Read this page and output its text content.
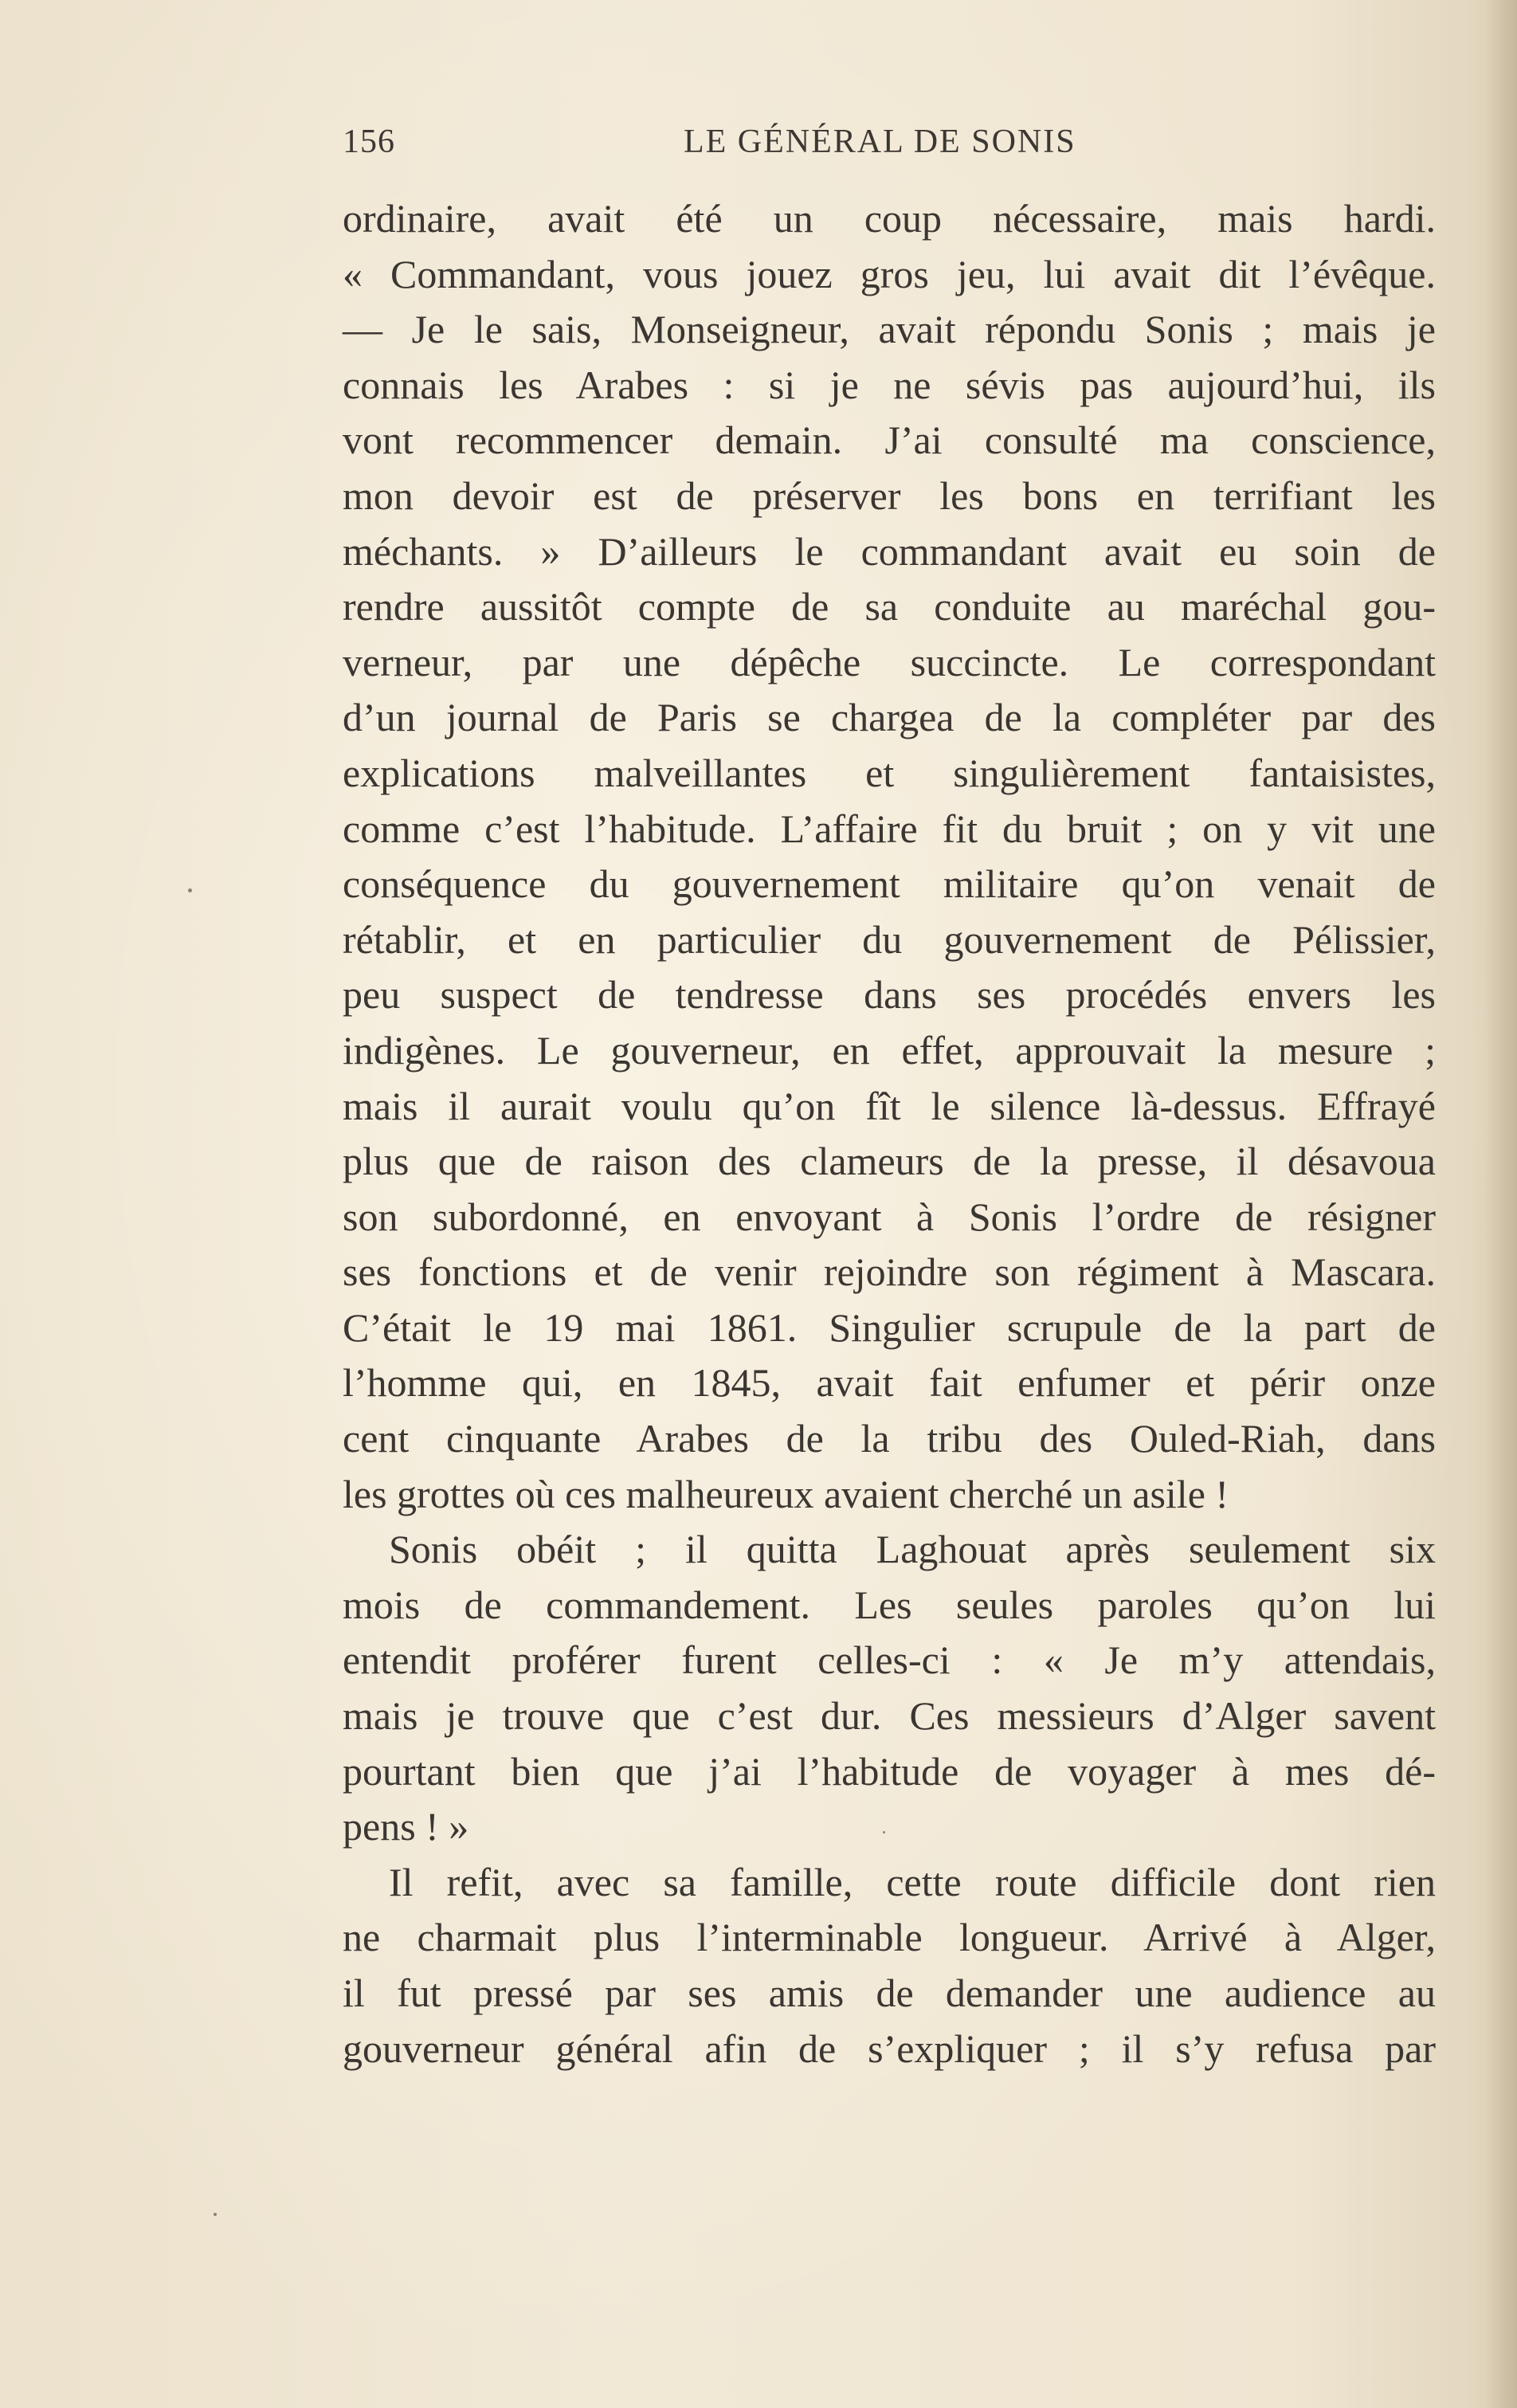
156	LE GÉNÉRAL DE SONIS
ordinaire, avait été un coup nécessaire, mais hardi.
« Commandant, vous jouez gros jeu, lui avait dit l’évêque.
— Je le sais, Monseigneur, avait répondu Sonis ; mais je
connais les Arabes : si je ne sévis pas aujourd’hui, ils
vont recommencer demain. J’ai consulté ma conscience,
mon devoir est de préserver les bons en terrifiant les
méchants. » D’ailleurs le commandant avait eu soin de
rendre aussitôt compte de sa conduite au maréchal gou-
verneur, par une dépêche succincte. Le correspondant
d’un journal de Paris se chargea de la compléter par des
explications malveillantes et singulièrement fantaisistes,
comme c’est l’habitude. L’affaire fit du bruit ; on y vit une
conséquence du gouvernement militaire qu’on venait de
rétablir, et en particulier du gouvernement de Pélissier,
peu suspect de tendresse dans ses procédés envers les
indigènes. Le gouverneur, en effet, approuvait la mesure ;
mais il aurait voulu qu’on fît le silence là-dessus. Effrayé
plus que de raison des clameurs de la presse, il désavoua
son subordonné, en envoyant à Sonis l’ordre de résigner
ses fonctions et de venir rejoindre son régiment à Mascara.
C’était le 19 mai 1861. Singulier scrupule de la part de
l’homme qui, en 1845, avait fait enfumer et périr onze
cent cinquante Arabes de la tribu des Ouled-Riah, dans
les grottes où ces malheureux avaient cherché un asile !
Sonis obéit ; il quitta Laghouat après seulement six
mois de commandement. Les seules paroles qu’on lui
entendit proférer furent celles-ci : « Je m’y attendais,
mais je trouve que c’est dur. Ces messieurs d’Alger savent
pourtant bien que j’ai l’habitude de voyager à mes dé-
pens ! »
Il refit, avec sa famille, cette route difficile dont rien
ne charmait plus l’interminable longueur. Arrivé à Alger,
il fut pressé par ses amis de demander une audience au
gouverneur général afin de s’expliquer ; il s’y refusa par
